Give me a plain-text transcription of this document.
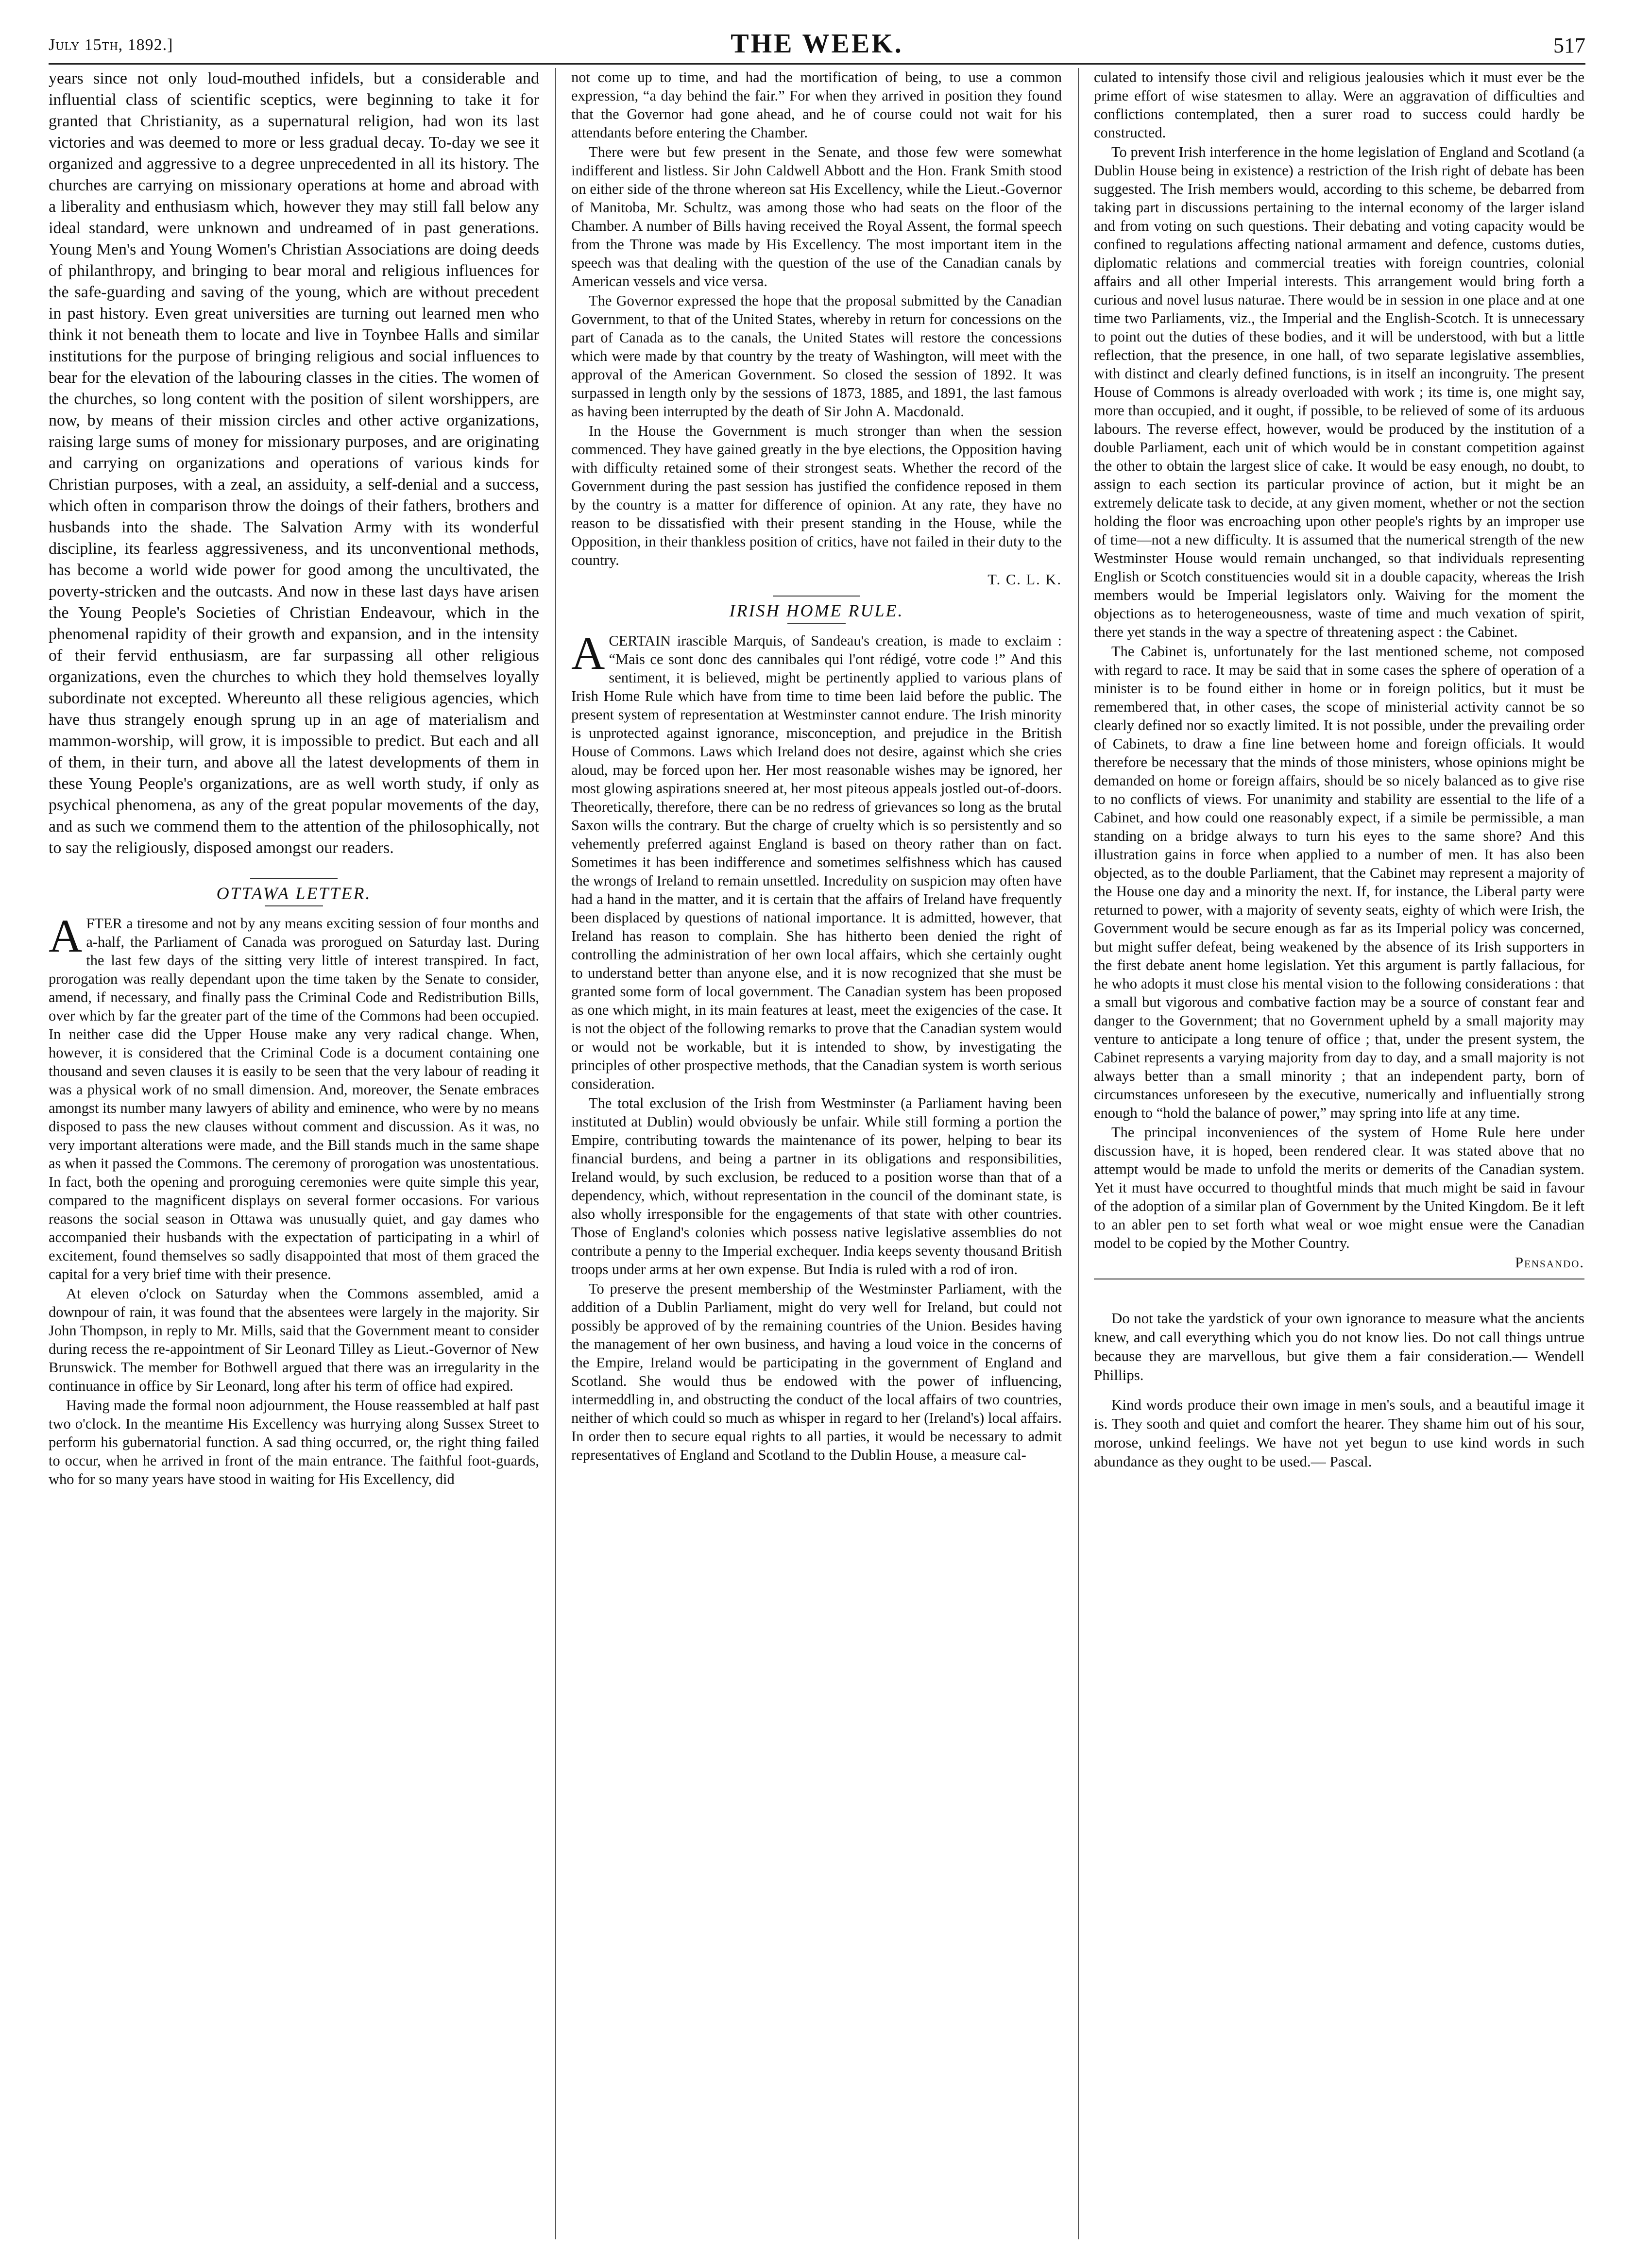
July 15th, 1892.]	THE WEEK.	517

years since not only loud-mouthed infidels, but a considerable and influential class of scientific sceptics, were beginning to take it for granted that Christianity, as a supernatural religion, had won its last victories and was deemed to more or less gradual decay. To-day we see it organized and aggressive to a degree unprecedented in all its history. The churches are carrying on missionary operations at home and abroad with a liberality and enthusiasm which, however they may still fall below any ideal standard, were unknown and undreamed of in past generations. Young Men's and Young Women's Christian Associations are doing deeds of philanthropy, and bringing to bear moral and religious influences for the safe-guarding and saving of the young, which are without precedent in past history. Even great universities are turning out learned men who think it not beneath them to locate and live in Toynbee Halls and similar institutions for the purpose of bringing religious and social influences to bear for the elevation of the labouring classes in the cities. The women of the churches, so long content with the position of silent worshippers, are now, by means of their mission circles and other active organizations, raising large sums of money for missionary purposes, and are originating and carrying on organizations and operations of various kinds for Christian purposes, with a zeal, an assiduity, a self-denial and a success, which often in comparison throw the doings of their fathers, brothers and husbands into the shade. The Salvation Army with its wonderful discipline, its fearless aggressiveness, and its unconventional methods, has become a world wide power for good among the uncultivated, the poverty-stricken and the outcasts. And now in these last days have arisen the Young People's Societies of Christian Endeavour, which in the phenomenal rapidity of their growth and expansion, and in the intensity of their fervid enthusiasm, are far surpassing all other religious organizations, even the churches to which they hold themselves loyally subordinate not excepted. Whereunto all these religious agencies, which have thus strangely enough sprung up in an age of materialism and mammon-worship, will grow, it is impossible to predict. But each and all of them, in their turn, and above all the latest developments of them in these Young People's organizations, are as well worth study, if only as psychical phenomena, as any of the great popular movements of the day, and as such we commend them to the attention of the philosophically, not to say the religiously, disposed amongst our readers.

OTTAWA LETTER.

AFTER a tiresome and not by any means exciting session of four months and a-half, the Parliament of Canada was prorogued on Saturday last. During the last few days of the sitting very little of interest transpired. In fact, prorogation was really dependant upon the time taken by the Senate to consider, amend, if necessary, and finally pass the Criminal Code and Redistribution Bills, over which by far the greater part of the time of the Commons had been occupied. In neither case did the Upper House make any very radical change. When, however, it is considered that the Criminal Code is a document containing one thousand and seven clauses it is easily to be seen that the very labour of reading it was a physical work of no small dimension. And, moreover, the Senate embraces amongst its number many lawyers of ability and eminence, who were by no means disposed to pass the new clauses without comment and discussion. As it was, no very important alterations were made, and the Bill stands much in the same shape as when it passed the Commons. The ceremony of prorogation was unostentatious. In fact, both the opening and proroguing ceremonies were quite simple this year, compared to the magnificent displays on several former occasions. For various reasons the social season in Ottawa was unusually quiet, and gay dames who accompanied their husbands with the expectation of participating in a whirl of excitement, found themselves so sadly disappointed that most of them graced the capital for a very brief time with their presence.

At eleven o'clock on Saturday when the Commons assembled, amid a downpour of rain, it was found that the absentees were largely in the majority. Sir John Thompson, in reply to Mr. Mills, said that the Government meant to consider during recess the re-appointment of Sir Leonard Tilley as Lieut.-Governor of New Brunswick. The member for Bothwell argued that there was an irregularity in the continuance in office by Sir Leonard, long after his term of office had expired.

Having made the formal noon adjournment, the House reassembled at half past two o'clock. In the meantime His Excellency was hurrying along Sussex Street to perform his gubernatorial function. A sad thing occurred, or, the right thing failed to occur, when he arrived in front of the main entrance. The faithful foot-guards, who for so many years have stood in waiting for His Excellency, did

not come up to time, and had the mortification of being, to use a common expression, “a day behind the fair.” For when they arrived in position they found that the Governor had gone ahead, and he of course could not wait for his attendants before entering the Chamber.

There were but few present in the Senate, and those few were somewhat indifferent and listless. Sir John Caldwell Abbott and the Hon. Frank Smith stood on either side of the throne whereon sat His Excellency, while the Lieut.-Governor of Manitoba, Mr. Schultz, was among those who had seats on the floor of the Chamber. A number of Bills having received the Royal Assent, the formal speech from the Throne was made by His Excellency. The most important item in the speech was that dealing with the question of the use of the Canadian canals by American vessels and vice versa.

The Governor expressed the hope that the proposal submitted by the Canadian Government, to that of the United States, whereby in return for concessions on the part of Canada as to the canals, the United States will restore the concessions which were made by that country by the treaty of Washington, will meet with the approval of the American Government. So closed the session of 1892. It was surpassed in length only by the sessions of 1873, 1885, and 1891, the last famous as having been interrupted by the death of Sir John A. Macdonald.

In the House the Government is much stronger than when the session commenced. They have gained greatly in the bye elections, the Opposition having with difficulty retained some of their strongest seats. Whether the record of the Government during the past session has justified the confidence reposed in them by the country is a matter for difference of opinion. At any rate, they have no reason to be dissatisfied with their present standing in the House, while the Opposition, in their thankless position of critics, have not failed in their duty to the country.

T. C. L. K.

IRISH HOME RULE.

ACERTAIN irascible Marquis, of Sandeau's creation, is made to exclaim : “Mais ce sont donc des cannibales qui l'ont rédigé, votre code !” And this sentiment, it is believed, might be pertinently applied to various plans of Irish Home Rule which have from time to time been laid before the public. The present system of representation at Westminster cannot endure. The Irish minority is unprotected against ignorance, misconception, and prejudice in the British House of Commons. Laws which Ireland does not desire, against which she cries aloud, may be forced upon her. Her most reasonable wishes may be ignored, her most glowing aspirations sneered at, her most piteous appeals jostled out-of-doors. Theoretically, therefore, there can be no redress of grievances so long as the brutal Saxon wills the contrary. But the charge of cruelty which is so persistently and so vehemently preferred against England is based on theory rather than on fact. Sometimes it has been indifference and sometimes selfishness which has caused the wrongs of Ireland to remain unsettled. Incredulity on suspicion may often have had a hand in the matter, and it is certain that the affairs of Ireland have frequently been displaced by questions of national importance. It is admitted, however, that Ireland has reason to complain. She has hitherto been denied the right of controlling the administration of her own local affairs, which she certainly ought to understand better than anyone else, and it is now recognized that she must be granted some form of local government. The Canadian system has been proposed as one which might, in its main features at least, meet the exigencies of the case. It is not the object of the following remarks to prove that the Canadian system would or would not be workable, but it is intended to show, by investigating the principles of other prospective methods, that the Canadian system is worth serious consideration.

The total exclusion of the Irish from Westminster (a Parliament having been instituted at Dublin) would obviously be unfair. While still forming a portion the Empire, contributing towards the maintenance of its power, helping to bear its financial burdens, and being a partner in its obligations and responsibilities, Ireland would, by such exclusion, be reduced to a position worse than that of a dependency, which, without representation in the council of the dominant state, is also wholly irresponsible for the engagements of that state with other countries. Those of England's colonies which possess native legislative assemblies do not contribute a penny to the Imperial exchequer. India keeps seventy thousand British troops under arms at her own expense. But India is ruled with a rod of iron.

To preserve the present membership of the Westminster Parliament, with the addition of a Dublin Parliament, might do very well for Ireland, but could not possibly be approved of by the remaining countries of the Union. Besides having the management of her own business, and having a loud voice in the concerns of the Empire, Ireland would be participating in the government of England and Scotland. She would thus be endowed with the power of influencing, intermeddling in, and obstructing the conduct of the local affairs of two countries, neither of which could so much as whisper in regard to her (Ireland's) local affairs. In order then to secure equal rights to all parties, it would be necessary to admit representatives of England and Scotland to the Dublin House, a measure cal-

culated to intensify those civil and religious jealousies which it must ever be the prime effort of wise statesmen to allay. Were an aggravation of difficulties and conflictions contemplated, then a surer road to success could hardly be constructed.

To prevent Irish interference in the home legislation of England and Scotland (a Dublin House being in existence) a restriction of the Irish right of debate has been suggested. The Irish members would, according to this scheme, be debarred from taking part in discussions pertaining to the internal economy of the larger island and from voting on such questions. Their debating and voting capacity would be confined to regulations affecting national armament and defence, customs duties, diplomatic relations and commercial treaties with foreign countries, colonial affairs and all other Imperial interests. This arrangement would bring forth a curious and novel lusus naturae. There would be in session in one place and at one time two Parliaments, viz., the Imperial and the English-Scotch. It is unnecessary to point out the duties of these bodies, and it will be understood, with but a little reflection, that the presence, in one hall, of two separate legislative assemblies, with distinct and clearly defined functions, is in itself an incongruity. The present House of Commons is already overloaded with work ; its time is, one might say, more than occupied, and it ought, if possible, to be relieved of some of its arduous labours. The reverse effect, however, would be produced by the institution of a double Parliament, each unit of which would be in constant competition against the other to obtain the largest slice of cake. It would be easy enough, no doubt, to assign to each section its particular province of action, but it might be an extremely delicate task to decide, at any given moment, whether or not the section holding the floor was encroaching upon other people's rights by an improper use of time—not a new difficulty. It is assumed that the numerical strength of the new Westminster House would remain unchanged, so that individuals representing English or Scotch constituencies would sit in a double capacity, whereas the Irish members would be Imperial legislators only. Waiving for the moment the objections as to heterogeneousness, waste of time and much vexation of spirit, there yet stands in the way a spectre of threatening aspect : the Cabinet.

The Cabinet is, unfortunately for the last mentioned scheme, not composed with regard to race. It may be said that in some cases the sphere of operation of a minister is to be found either in home or in foreign politics, but it must be remembered that, in other cases, the scope of ministerial activity cannot be so clearly defined nor so exactly limited. It is not possible, under the prevailing order of Cabinets, to draw a fine line between home and foreign officials. It would therefore be necessary that the minds of those ministers, whose opinions might be demanded on home or foreign affairs, should be so nicely balanced as to give rise to no conflicts of views. For unanimity and stability are essential to the life of a Cabinet, and how could one reasonably expect, if a simile be permissible, a man standing on a bridge always to turn his eyes to the same shore? And this illustration gains in force when applied to a number of men. It has also been objected, as to the double Parliament, that the Cabinet may represent a majority of the House one day and a minority the next. If, for instance, the Liberal party were returned to power, with a majority of seventy seats, eighty of which were Irish, the Government would be secure enough as far as its Imperial policy was concerned, but might suffer defeat, being weakened by the absence of its Irish supporters in the first debate anent home legislation. Yet this argument is partly fallacious, for he who adopts it must close his mental vision to the following considerations : that a small but vigorous and combative faction may be a source of constant fear and danger to the Government; that no Government upheld by a small majority may venture to anticipate a long tenure of office ; that, under the present system, the Cabinet represents a varying majority from day to day, and a small majority is not always better than a small minority ; that an independent party, born of circumstances unforeseen by the executive, numerically and influentially strong enough to “hold the balance of power,” may spring into life at any time.

The principal inconveniences of the system of Home Rule here under discussion have, it is hoped, been rendered clear. It was stated above that no attempt would be made to unfold the merits or demerits of the Canadian system. Yet it must have occurred to thoughtful minds that much might be said in favour of the adoption of a similar plan of Government by the United Kingdom. Be it left to an abler pen to set forth what weal or woe might ensue were the Canadian model to be copied by the Mother Country.

Pensando.

Do not take the yardstick of your own ignorance to measure what the ancients knew, and call everything which you do not know lies. Do not call things untrue because they are marvellous, but give them a fair consideration.— Wendell Phillips.

Kind words produce their own image in men's souls, and a beautiful image it is. They sooth and quiet and comfort the hearer. They shame him out of his sour, morose, unkind feelings. We have not yet begun to use kind words in such abundance as they ought to be used.— Pascal.
